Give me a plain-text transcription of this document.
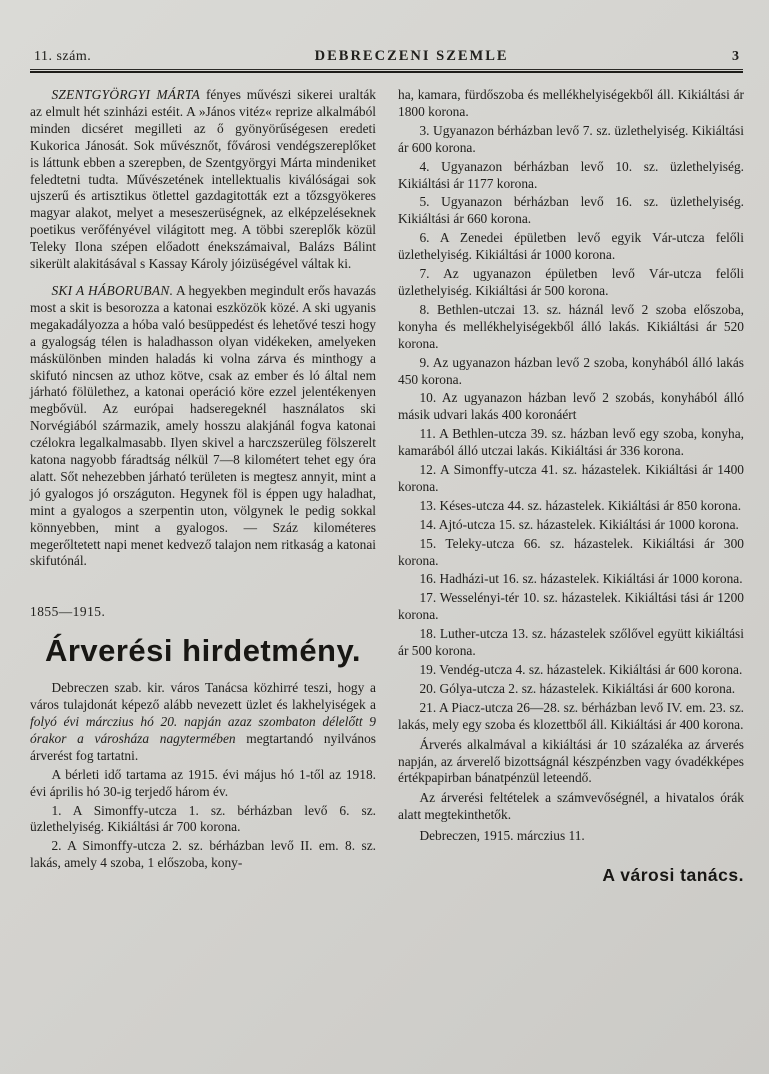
11. szám.	DEBRECZENI SZEMLE	3

SZENTGYÖRGYI MÁRTA fényes művészi sikerei uralták az elmult hét szinházi estéit. A »János vitéz« reprize alkalmából minden dicséret megilleti az ő gyönyörűségesen eredeti Kukorica Jánosát. Sok művésznőt, fővárosi vendégszereplőket is láttunk ebben a szerepben, de Szentgyörgyi Márta mindeniket feledtetni tudta. Művészetének intellektualis kiválóságai sok ujszerű és artisztikus ötlettel gazdagitották ezt a tőzsgyökeres magyar alakot, melyet a meseszerüségnek, az elképzeléseknek poetikus verőfényével világitott meg. A többi szereplők közül Teleky Ilona szépen előadott énekszámaival, Balázs Bálint sikerült alakitásával s Kassay Károly jóizüségével váltak ki.

SKI A HÁBORUBAN. A hegyekben megindult erős havazás most a skit is besorozza a katonai eszközök közé. A ski ugyanis megakadályozza a hóba való besüppedést és lehetővé teszi hogy a gyalogság télen is haladhasson olyan vidékeken, amelyeken máskülönben minden haladás ki volna zárva és minthogy a skifutó nincsen az uthoz kötve, csak az ember és ló által nem járható fölülethez, a katonai operáció köre ezzel jelentékenyen megbővül. Az európai hadseregeknél használatos ski Norvégiából származik, amely hosszu alakjánál fogva katonai czélokra legalkalmasabb. Ilyen skivel a harczszerüleg fölszerelt katona nagyobb fáradtság nélkül 7—8 kilométert tehet egy óra alatt. Sőt nehezebben járható területen is megtesz annyit, mint a jó gyalogos jó országuton. Hegynek föl is éppen ugy haladhat, mint a gyalogos a szerpentin uton, völgynek le pedig sokkal könnyebben, mint a gyalogos. — Száz kilométeres megerőltetett napi menet kedvező talajon nem ritkaság a katonai skifutónál.

1855—1915.

Árverési hirdetmény.

Debreczen szab. kir. város Tanácsa közhirré teszi, hogy a város tulajdonát képező alább nevezett üzlet és lakhelyiségek a folyó évi márczius hó 20. napján azaz szombaton délelőtt 9 órakor a városháza nagytermében megtartandó nyilvános árverést fog tartatni.

A bérleti idő tartama az 1915. évi május hó 1-től az 1918. évi április hó 30-ig terjedő három év.

1. A Simonffy-utcza 1. sz. bérházban levő 6. sz. üzlethelyiség. Kikiáltási ár 700 korona.

2. A Simonffy-utcza 2. sz. bérházban levő II. em. 8. sz. lakás, amely 4 szoba, 1 előszoba, kony-

ha, kamara, fürdőszoba és mellékhelyiségekből áll. Kikiáltási ár 1800 korona.

3. Ugyanazon bérházban levő 7. sz. üzlethelyiség. Kikiáltási ár 600 korona.

4. Ugyanazon bérházban levő 10. sz. üzlethelyiség. Kikiáltási ár 1177 korona.

5. Ugyanazon bérházban levő 16. sz. üzlethelyiség. Kikiáltási ár 660 korona.

6. A Zenedei épületben levő egyik Vár-utcza felőli üzlethelyiség. Kikiáltási ár 1000 korona.

7. Az ugyanazon épületben levő Vár-utcza felőli üzlethelyiség. Kikiáltási ár 500 korona.

8. Bethlen-utczai 13. sz. háznál levő 2 szoba előszoba, konyha és mellékhelyiségekből álló lakás. Kikiáltási ár 520 korona.

9. Az ugyanazon házban levő 2 szoba, konyhából álló lakás 450 korona.

10. Az ugyanazon házban levő 2 szobás, konyhából álló másik udvari lakás 400 koronáért

11. A Bethlen-utcza 39. sz. házban levő egy szoba, konyha, kamarából álló utczai lakás. Kikiáltási ár 336 korona.

12. A Simonffy-utcza 41. sz. házastelek. Kikiáltási ár 1400 korona.

13. Késes-utcza 44. sz. házastelek. Kikiáltási ár 850 korona.

14. Ajtó-utcza 15. sz. házastelek. Kikiáltási ár 1000 korona.

15. Teleky-utcza 66. sz. házastelek. Kikiáltási ár 300 korona.

16. Hadházi-ut 16. sz. házastelek. Kikiáltási ár 1000 korona.

17. Wesselényi-tér 10. sz. házastelek. Kikiáltási tási ár 1200 korona.

18. Luther-utcza 13. sz. házastelek szőlővel együtt kikiáltási ár 500 korona.

19. Vendég-utcza 4. sz. házastelek. Kikiáltási ár 600 korona.

20. Gólya-utcza 2. sz. házastelek. Kikiáltási ár 600 korona.

21. A Piacz-utcza 26—28. sz. bérházban levő IV. em. 23. sz. lakás, mely egy szoba és klozettből áll. Kikiáltási ár 400 korona.

Árverés alkalmával a kikiáltási ár 10 százaléka az árverés napján, az árverelő bizottságnál készpénzben vagy óvadékképes értékpapirban bánatpénzül leteendő.

Az árverési feltételek a számvevőségnél, a hivatalos órák alatt megtekinthetők.

Debreczen, 1915. márczius 11.

A városi tanács.
